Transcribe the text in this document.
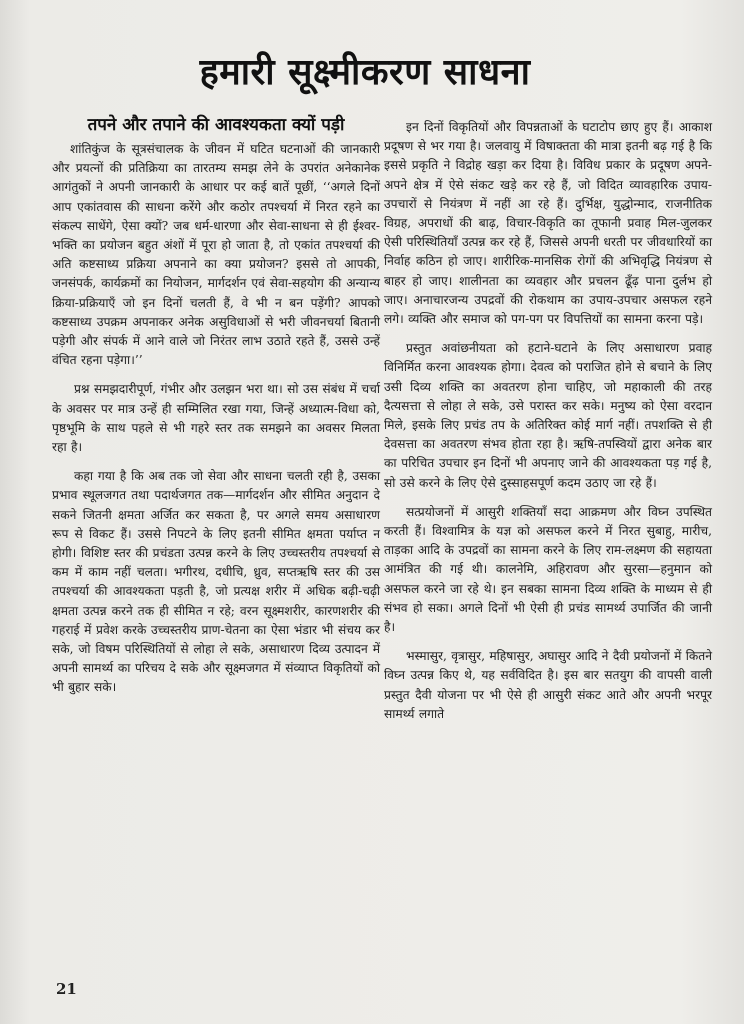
हमारी सूक्ष्मीकरण साधना
तपने और तपाने की आवश्यकता क्यों पड़ी

शांतिकुंज के सूत्रसंचालक के जीवन में घटित घटनाओं की जानकारी और प्रयत्नों की प्रतिक्रिया का तारतम्य समझ लेने के उपरांत अनेकानेक आगंतुकों ने अपनी जानकारी के आधार पर कई बातें पूछीं, ‘‘अगले दिनों आप एकांतवास की साधना करेंगे और कठोर तपश्चर्या में निरत रहने का संकल्प साधेंगे, ऐसा क्यों? जब धर्म-धारणा और सेवा-साधना से ही ईश्वर-भक्ति का प्रयोजन बहुत अंशों में पूरा हो जाता है, तो एकांत तपश्चर्या की अति कष्टसाध्य प्रक्रिया अपनाने का क्या प्रयोजन? इससे तो आपकी, जनसंपर्क, कार्यक्रमों का नियोजन, मार्गदर्शन एवं सेवा-सहयोग की अन्यान्य क्रिया-प्रक्रियाएँ जो इन दिनों चलती हैं, वे भी न बन पड़ेंगी? आपको कष्टसाध्य उपक्रम अपनाकर अनेक असुविधाओं से भरी जीवनचर्या बितानी पड़ेगी और संपर्क में आने वाले जो निरंतर लाभ उठाते रहते हैं, उससे उन्हें वंचित रहना पड़ेगा।’’

प्रश्न समझदारीपूर्ण, गंभीर और उलझन भरा था। सो उस संबंध में चर्चा के अवसर पर मात्र उन्हें ही सम्मिलित रखा गया, जिन्हें अध्यात्म-विधा को, पृष्ठभूमि के साथ पहले से भी गहरे स्तर तक समझने का अवसर मिलता रहा है।

कहा गया है कि अब तक जो सेवा और साधना चलती रही है, उसका प्रभाव स्थूलजगत तथा पदार्थजगत तक—मार्गदर्शन और सीमित अनुदान दे सकने जितनी क्षमता अर्जित कर सकता है, पर अगले समय असाधारण रूप से विकट हैं। उससे निपटने के लिए इतनी सीमित क्षमता पर्याप्त न होगी। विशिष्ट स्तर की प्रचंडता उत्पन्न करने के लिए उच्चस्तरीय तपश्चर्या से कम में काम नहीं चलता। भगीरथ, दधीचि, ध्रुव, सप्तऋषि स्तर की उस तपश्चर्या की आवश्यकता पड़ती है, जो प्रत्यक्ष शरीर में अधिक बढ़ी-चढ़ी क्षमता उत्पन्न करने तक ही सीमित न रहे; वरन सूक्ष्मशरीर, कारणशरीर की गहराई में प्रवेश करके उच्चस्तरीय प्राण-चेतना का ऐसा भंडार भी संचय कर सके, जो विषम परिस्थितियों से लोहा ले सके, असाधारण दिव्य उत्पादन में अपनी सामर्थ्य का परिचय दे सके और सूक्ष्मजगत में संव्याप्त विकृतियों को भी बुहार सके।

इन दिनों विकृतियों और विपन्नताओं के घटाटोप छाए हुए हैं। आकाश प्रदूषण से भर गया है। जलवायु में विषाक्तता की मात्रा इतनी बढ़ गई है कि इससे प्रकृति ने विद्रोह खड़ा कर दिया है। विविध प्रकार के प्रदूषण अपने-अपने क्षेत्र में ऐसे संकट खड़े कर रहे हैं, जो विदित व्यावहारिक उपाय-उपचारों से नियंत्रण में नहीं आ रहे हैं। दुर्भिक्ष, युद्धोन्माद, राजनीतिक विग्रह, अपराधों की बाढ़, विचार-विकृति का तूफानी प्रवाह मिल-जुलकर ऐसी परिस्थितियाँ उत्पन्न कर रहे हैं, जिससे अपनी धरती पर जीवधारियों का निर्वाह कठिन हो जाए। शारीरिक-मानसिक रोगों की अभिवृद्धि नियंत्रण से बाहर हो जाए। शालीनता का व्यवहार और प्रचलन ढूँढ़ पाना दुर्लभ हो जाए। अनाचारजन्य उपद्रवों की रोकथाम का उपाय-उपचार असफल रहने लगे। व्यक्ति और समाज को पग-पग पर विपत्तियों का सामना करना पड़े।

प्रस्तुत अवांछनीयता को हटाने-घटाने के लिए असाधारण प्रवाह विनिर्मित करना आवश्यक होगा। देवत्व को पराजित होने से बचाने के लिए उसी दिव्य शक्ति का अवतरण होना चाहिए, जो महाकाली की तरह दैत्यसत्ता से लोहा ले सके, उसे परास्त कर सके। मनुष्य को ऐसा वरदान मिले, इसके लिए प्रचंड तप के अतिरिक्त कोई मार्ग नहीं। तपशक्ति से ही देवसत्ता का अवतरण संभव होता रहा है। ऋषि-तपस्वियों द्वारा अनेक बार का परिचित उपचार इन दिनों भी अपनाए जाने की आवश्यकता पड़ गई है, सो उसे करने के लिए ऐसे दुस्साहसपूर्ण कदम उठाए जा रहे हैं।

सत्प्रयोजनों में आसुरी शक्तियाँ सदा आक्रमण और विघ्न उपस्थित करती हैं। विश्वामित्र के यज्ञ को असफल करने में निरत सुबाहु, मारीच, ताड़का आदि के उपद्रवों का सामना करने के लिए राम-लक्ष्मण की सहायता आमंत्रित की गई थी। कालनेमि, अहिरावण और सुरसा—हनुमान को असफल करने जा रहे थे। इन सबका सामना दिव्य शक्ति के माध्यम से ही संभव हो सका। अगले दिनों भी ऐसी ही प्रचंड सामर्थ्य उपार्जित की जानी है।

भस्मासुर, वृत्रासुर, महिषासुर, अघासुर आदि ने दैवी प्रयोजनों में कितने विघ्न उत्पन्न किए थे, यह सर्वविदित है। इस बार सतयुग की वापसी वाली प्रस्तुत दैवी योजना पर भी ऐसे ही आसुरी संकट आते और अपनी भरपूर सामर्थ्य लगाते

21
